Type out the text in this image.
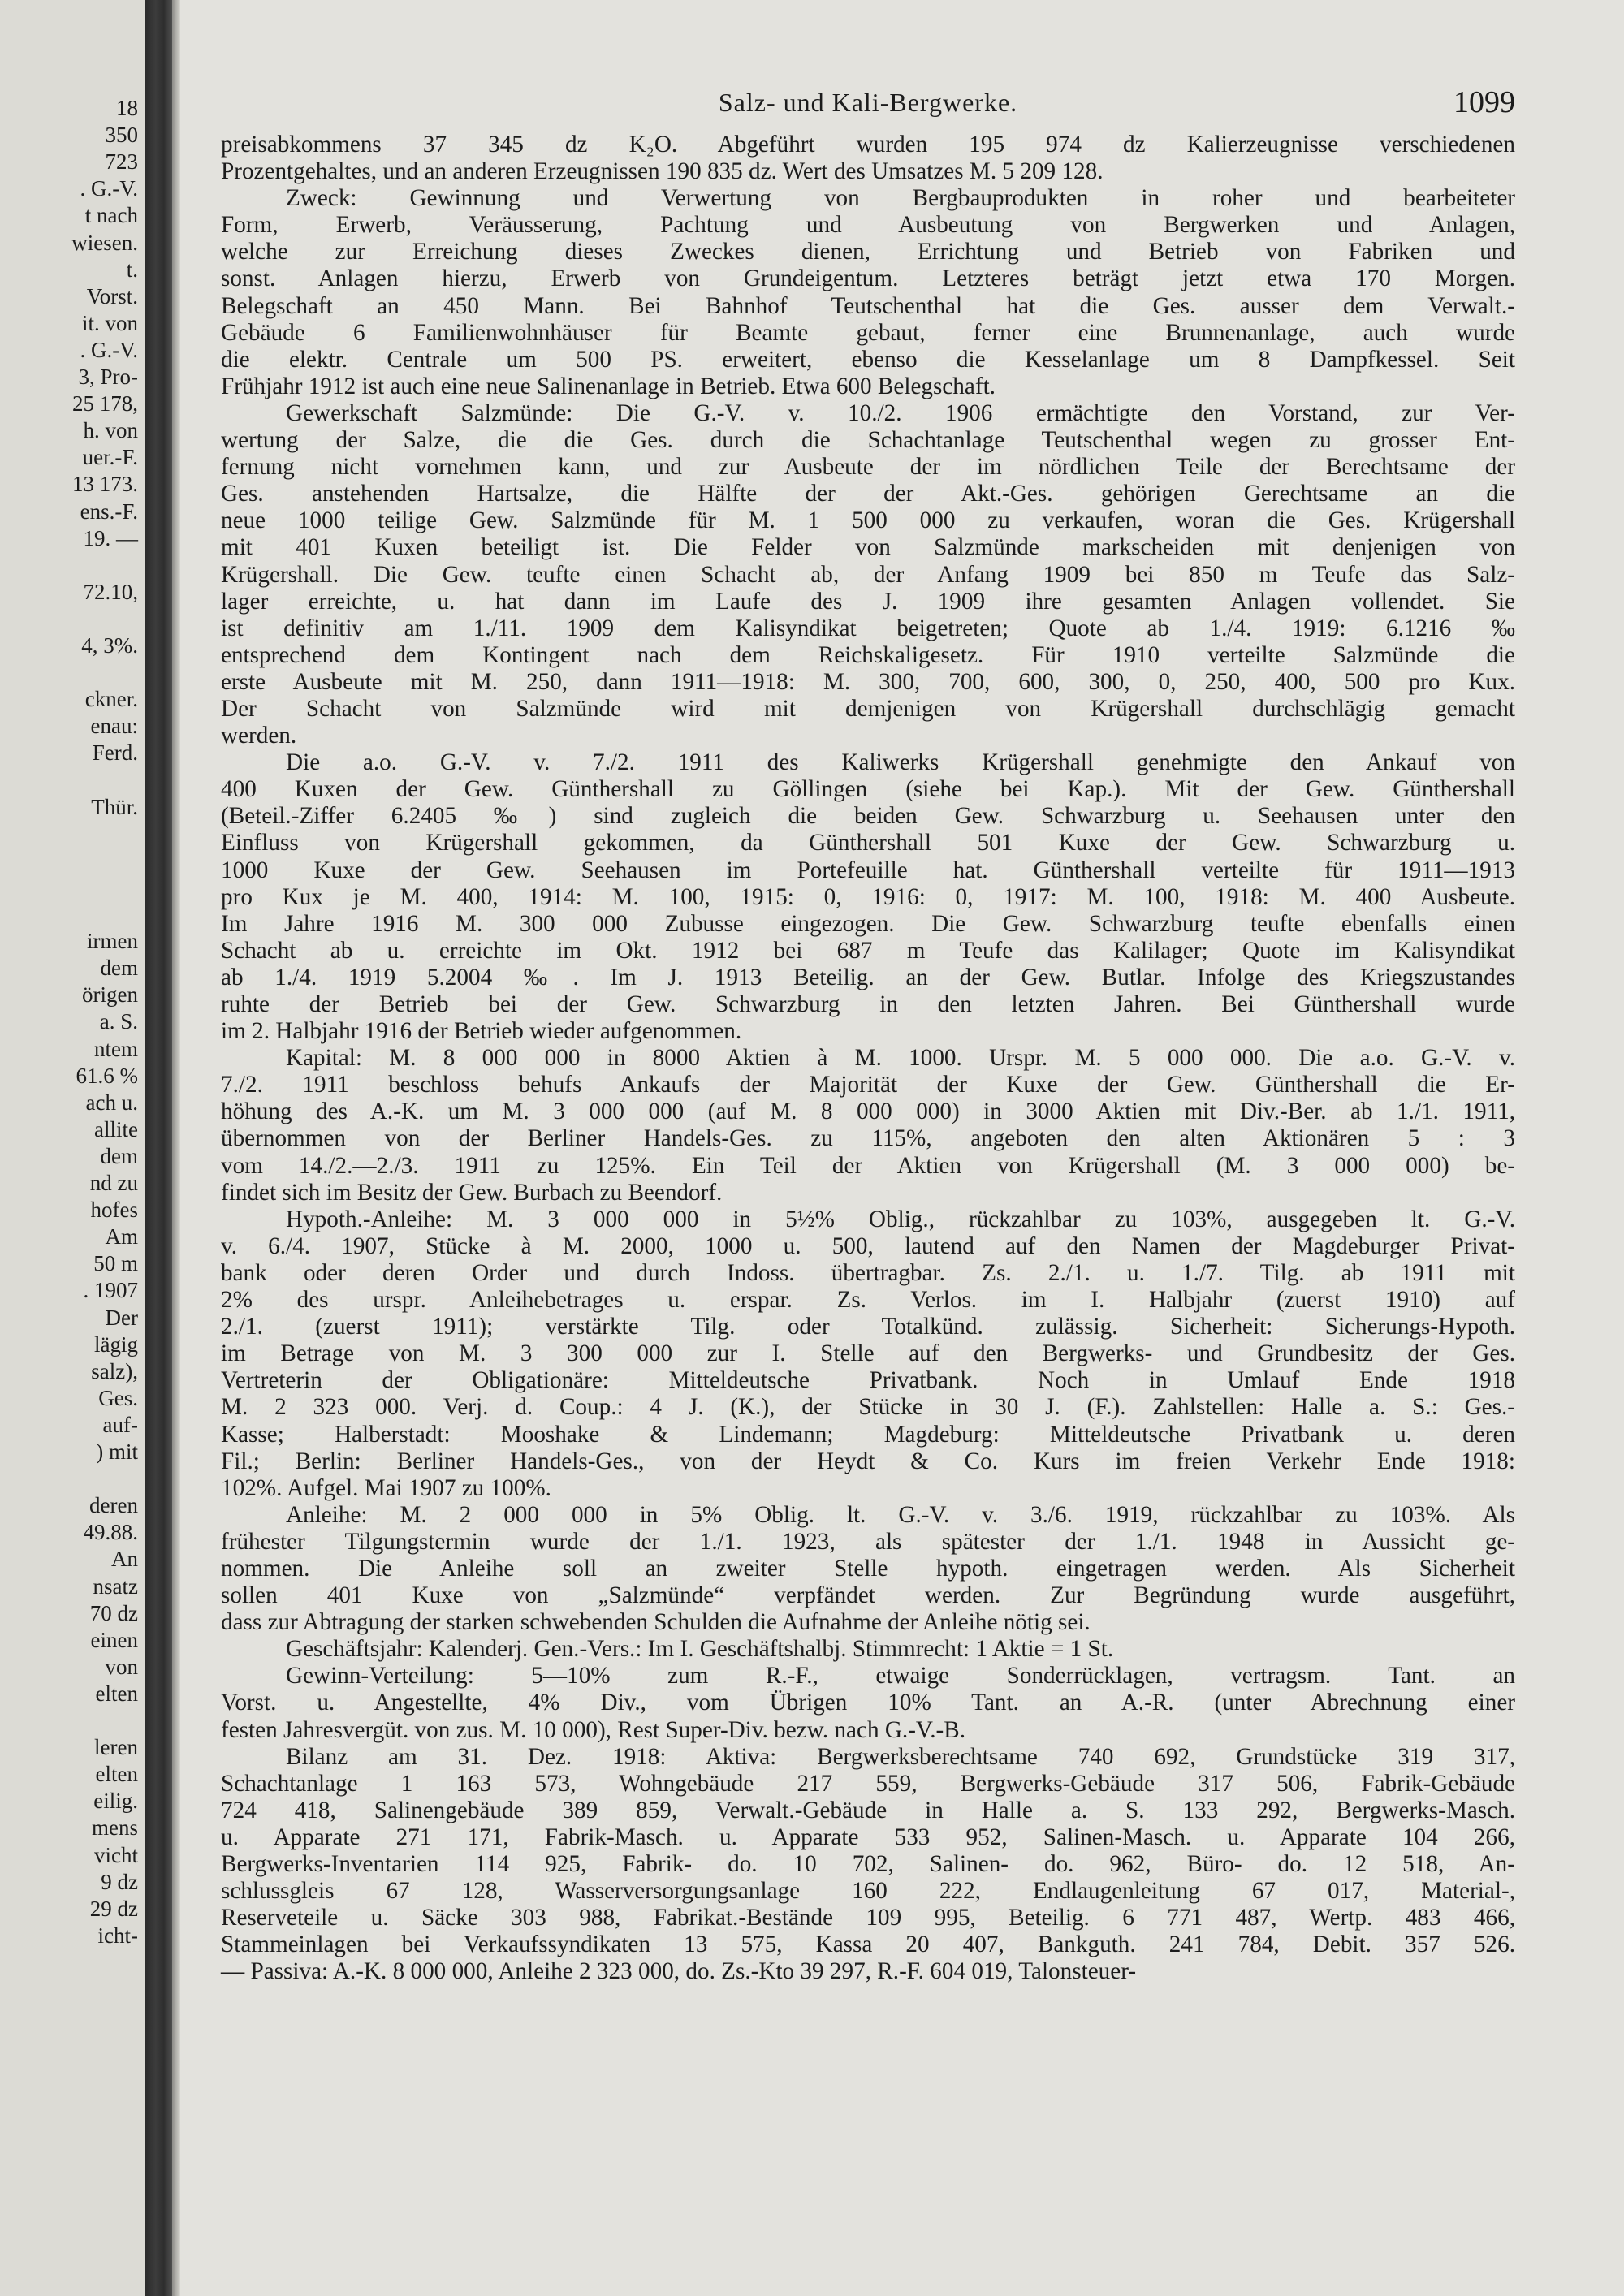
18
350
723
. G.-V.
t nach
wiesen.
t.
Vorst.
it. von
. G.-V.
3, Pro-
25 178,
h. von
uer.-F.
13 173.
ens.-F.
19. —
72.10,
4, 3%.
ckner.
enau:
Ferd.
Thür.
irmen
dem
örigen
a. S.
ntem
61.6 %
ach u.
allite
dem
nd zu
hofes
Am
50 m
. 1907
Der
lägig
salz),
Ges.
auf-
) mit
deren
49.88.
An
nsatz
70 dz
einen
von
elten
leren
elten
eilig.
mens
vicht
9 dz
29 dz
icht-
Salz- und Kali-Bergwerke.	1099
preisabkommens 37 345 dz K₂O. Abgeführt wurden 195 974 dz Kalierzeugnisse verschiedenen
Prozentgehaltes, und an anderen Erzeugnissen 190 835 dz. Wert des Umsatzes M. 5 209 128.
Zweck: Gewinnung und Verwertung von Bergbauprodukten in roher und bearbeiteter
Form, Erwerb, Veräusserung, Pachtung und Ausbeutung von Bergwerken und Anlagen,
welche zur Erreichung dieses Zweckes dienen, Errichtung und Betrieb von Fabriken und
sonst. Anlagen hierzu, Erwerb von Grundeigentum. Letzteres beträgt jetzt etwa 170 Morgen.
Belegschaft an 450 Mann. Bei Bahnhof Teutschenthal hat die Ges. ausser dem Verwalt.-
Gebäude 6 Familienwohnhäuser für Beamte gebaut, ferner eine Brunnenanlage, auch wurde
die elektr. Centrale um 500 PS. erweitert, ebenso die Kesselanlage um 8 Dampfkessel. Seit
Frühjahr 1912 ist auch eine neue Salinenanlage in Betrieb. Etwa 600 Belegschaft.
Gewerkschaft Salzmünde: Die G.-V. v. 10./2. 1906 ermächtigte den Vorstand, zur Ver-
wertung der Salze, die die Ges. durch die Schachtanlage Teutschenthal wegen zu grosser Ent-
fernung nicht vornehmen kann, und zur Ausbeute der im nördlichen Teile der Berechtsame der
Ges. anstehenden Hartsalze, die Hälfte der der Akt.-Ges. gehörigen Gerechtsame an die
neue 1000 teilige Gew. Salzmünde für M. 1 500 000 zu verkaufen, woran die Ges. Krügershall
mit 401 Kuxen beteiligt ist. Die Felder von Salzmünde markscheiden mit denjenigen von
Krügershall. Die Gew. teufte einen Schacht ab, der Anfang 1909 bei 850 m Teufe das Salz-
lager erreichte, u. hat dann im Laufe des J. 1909 ihre gesamten Anlagen vollendet. Sie
ist definitiv am 1./11. 1909 dem Kalisyndikat beigetreten; Quote ab 1./4. 1919: 6.1216 ‰
entsprechend dem Kontingent nach dem Reichskaligesetz. Für 1910 verteilte Salzmünde die
erste Ausbeute mit M. 250, dann 1911—1918: M. 300, 700, 600, 300, 0, 250, 400, 500 pro Kux.
Der Schacht von Salzmünde wird mit demjenigen von Krügershall durchschlägig gemacht
werden.
Die a.o. G.-V. v. 7./2. 1911 des Kaliwerks Krügershall genehmigte den Ankauf von
400 Kuxen der Gew. Günthershall zu Göllingen (siehe bei Kap.). Mit der Gew. Günthershall
(Beteil.-Ziffer 6.2405 ‰) sind zugleich die beiden Gew. Schwarzburg u. Seehausen unter den
Einfluss von Krügershall gekommen, da Günthershall 501 Kuxe der Gew. Schwarzburg u.
1000 Kuxe der Gew. Seehausen im Portefeuille hat. Günthershall verteilte für 1911—1913
pro Kux je M. 400, 1914: M. 100, 1915: 0, 1916: 0, 1917: M. 100, 1918: M. 400 Ausbeute.
Im Jahre 1916 M. 300 000 Zubusse eingezogen. Die Gew. Schwarzburg teufte ebenfalls einen
Schacht ab u. erreichte im Okt. 1912 bei 687 m Teufe das Kalilager; Quote im Kalisyndikat
ab 1./4. 1919 5.2004 ‰. Im J. 1913 Beteilig. an der Gew. Butlar. Infolge des Kriegszustandes
ruhte der Betrieb bei der Gew. Schwarzburg in den letzten Jahren. Bei Günthershall wurde
im 2. Halbjahr 1916 der Betrieb wieder aufgenommen.
Kapital: M. 8 000 000 in 8000 Aktien à M. 1000. Urspr. M. 5 000 000. Die a.o. G.-V. v.
7./2. 1911 beschloss behufs Ankaufs der Majorität der Kuxe der Gew. Günthershall die Er-
höhung des A.-K. um M. 3 000 000 (auf M. 8 000 000) in 3000 Aktien mit Div.-Ber. ab 1./1. 1911,
übernommen von der Berliner Handels-Ges. zu 115%, angeboten den alten Aktionären 5 : 3
vom 14./2.—2./3. 1911 zu 125%. Ein Teil der Aktien von Krügershall (M. 3 000 000) be-
findet sich im Besitz der Gew. Burbach zu Beendorf.
Hypoth.-Anleihe: M. 3 000 000 in 5½% Oblig., rückzahlbar zu 103%, ausgegeben lt. G.-V.
v. 6./4. 1907, Stücke à M. 2000, 1000 u. 500, lautend auf den Namen der Magdeburger Privat-
bank oder deren Order und durch Indoss. übertragbar. Zs. 2./1. u. 1./7. Tilg. ab 1911 mit
2% des urspr. Anleihebetrages u. erspar. Zs. Verlos. im I. Halbjahr (zuerst 1910) auf
2./1. (zuerst 1911); verstärkte Tilg. oder Totalkünd. zulässig. Sicherheit: Sicherungs-Hypoth.
im Betrage von M. 3 300 000 zur I. Stelle auf den Bergwerks- und Grundbesitz der Ges.
Vertreterin der Obligationäre: Mitteldeutsche Privatbank. Noch in Umlauf Ende 1918
M. 2 323 000. Verj. d. Coup.: 4 J. (K.), der Stücke in 30 J. (F.). Zahlstellen: Halle a. S.: Ges.-
Kasse; Halberstadt: Mooshake & Lindemann; Magdeburg: Mitteldeutsche Privatbank u. deren
Fil.; Berlin: Berliner Handels-Ges., von der Heydt & Co. Kurs im freien Verkehr Ende 1918:
102%. Aufgel. Mai 1907 zu 100%.
Anleihe: M. 2 000 000 in 5% Oblig. lt. G.-V. v. 3./6. 1919, rückzahlbar zu 103%. Als
frühester Tilgungstermin wurde der 1./1. 1923, als spätester der 1./1. 1948 in Aussicht ge-
nommen. Die Anleihe soll an zweiter Stelle hypoth. eingetragen werden. Als Sicherheit
sollen 401 Kuxe von „Salzmünde“ verpfändet werden. Zur Begründung wurde ausgeführt,
dass zur Abtragung der starken schwebenden Schulden die Aufnahme der Anleihe nötig sei.
Geschäftsjahr: Kalenderj. Gen.-Vers.: Im I. Geschäftshalbj. Stimmrecht: 1 Aktie = 1 St.
Gewinn-Verteilung: 5—10% zum R.-F., etwaige Sonderrücklagen, vertragsm. Tant. an
Vorst. u. Angestellte, 4% Div., vom Übrigen 10% Tant. an A.-R. (unter Abrechnung einer
festen Jahresvergüt. von zus. M. 10 000), Rest Super-Div. bezw. nach G.-V.-B.
Bilanz am 31. Dez. 1918: Aktiva: Bergwerksberechtsame 740 692, Grundstücke 319 317,
Schachtanlage 1 163 573, Wohngebäude 217 559, Bergwerks-Gebäude 317 506, Fabrik-Gebäude
724 418, Salinengebäude 389 859, Verwalt.-Gebäude in Halle a. S. 133 292, Bergwerks-Masch.
u. Apparate 271 171, Fabrik-Masch. u. Apparate 533 952, Salinen-Masch. u. Apparate 104 266,
Bergwerks-Inventarien 114 925, Fabrik- do. 10 702, Salinen- do. 962, Büro- do. 12 518, An-
schlussgleis 67 128, Wasserversorgungsanlage 160 222, Endlaugenleitung 67 017, Material-,
Reserveteile u. Säcke 303 988, Fabrikat.-Bestände 109 995, Beteilig. 6 771 487, Wertp. 483 466,
Stammeinlagen bei Verkaufssyndikaten 13 575, Kassa 20 407, Bankguth. 241 784, Debit. 357 526.
— Passiva: A.-K. 8 000 000, Anleihe 2 323 000, do. Zs.-Kto 39 297, R.-F. 604 019, Talonsteuer-
